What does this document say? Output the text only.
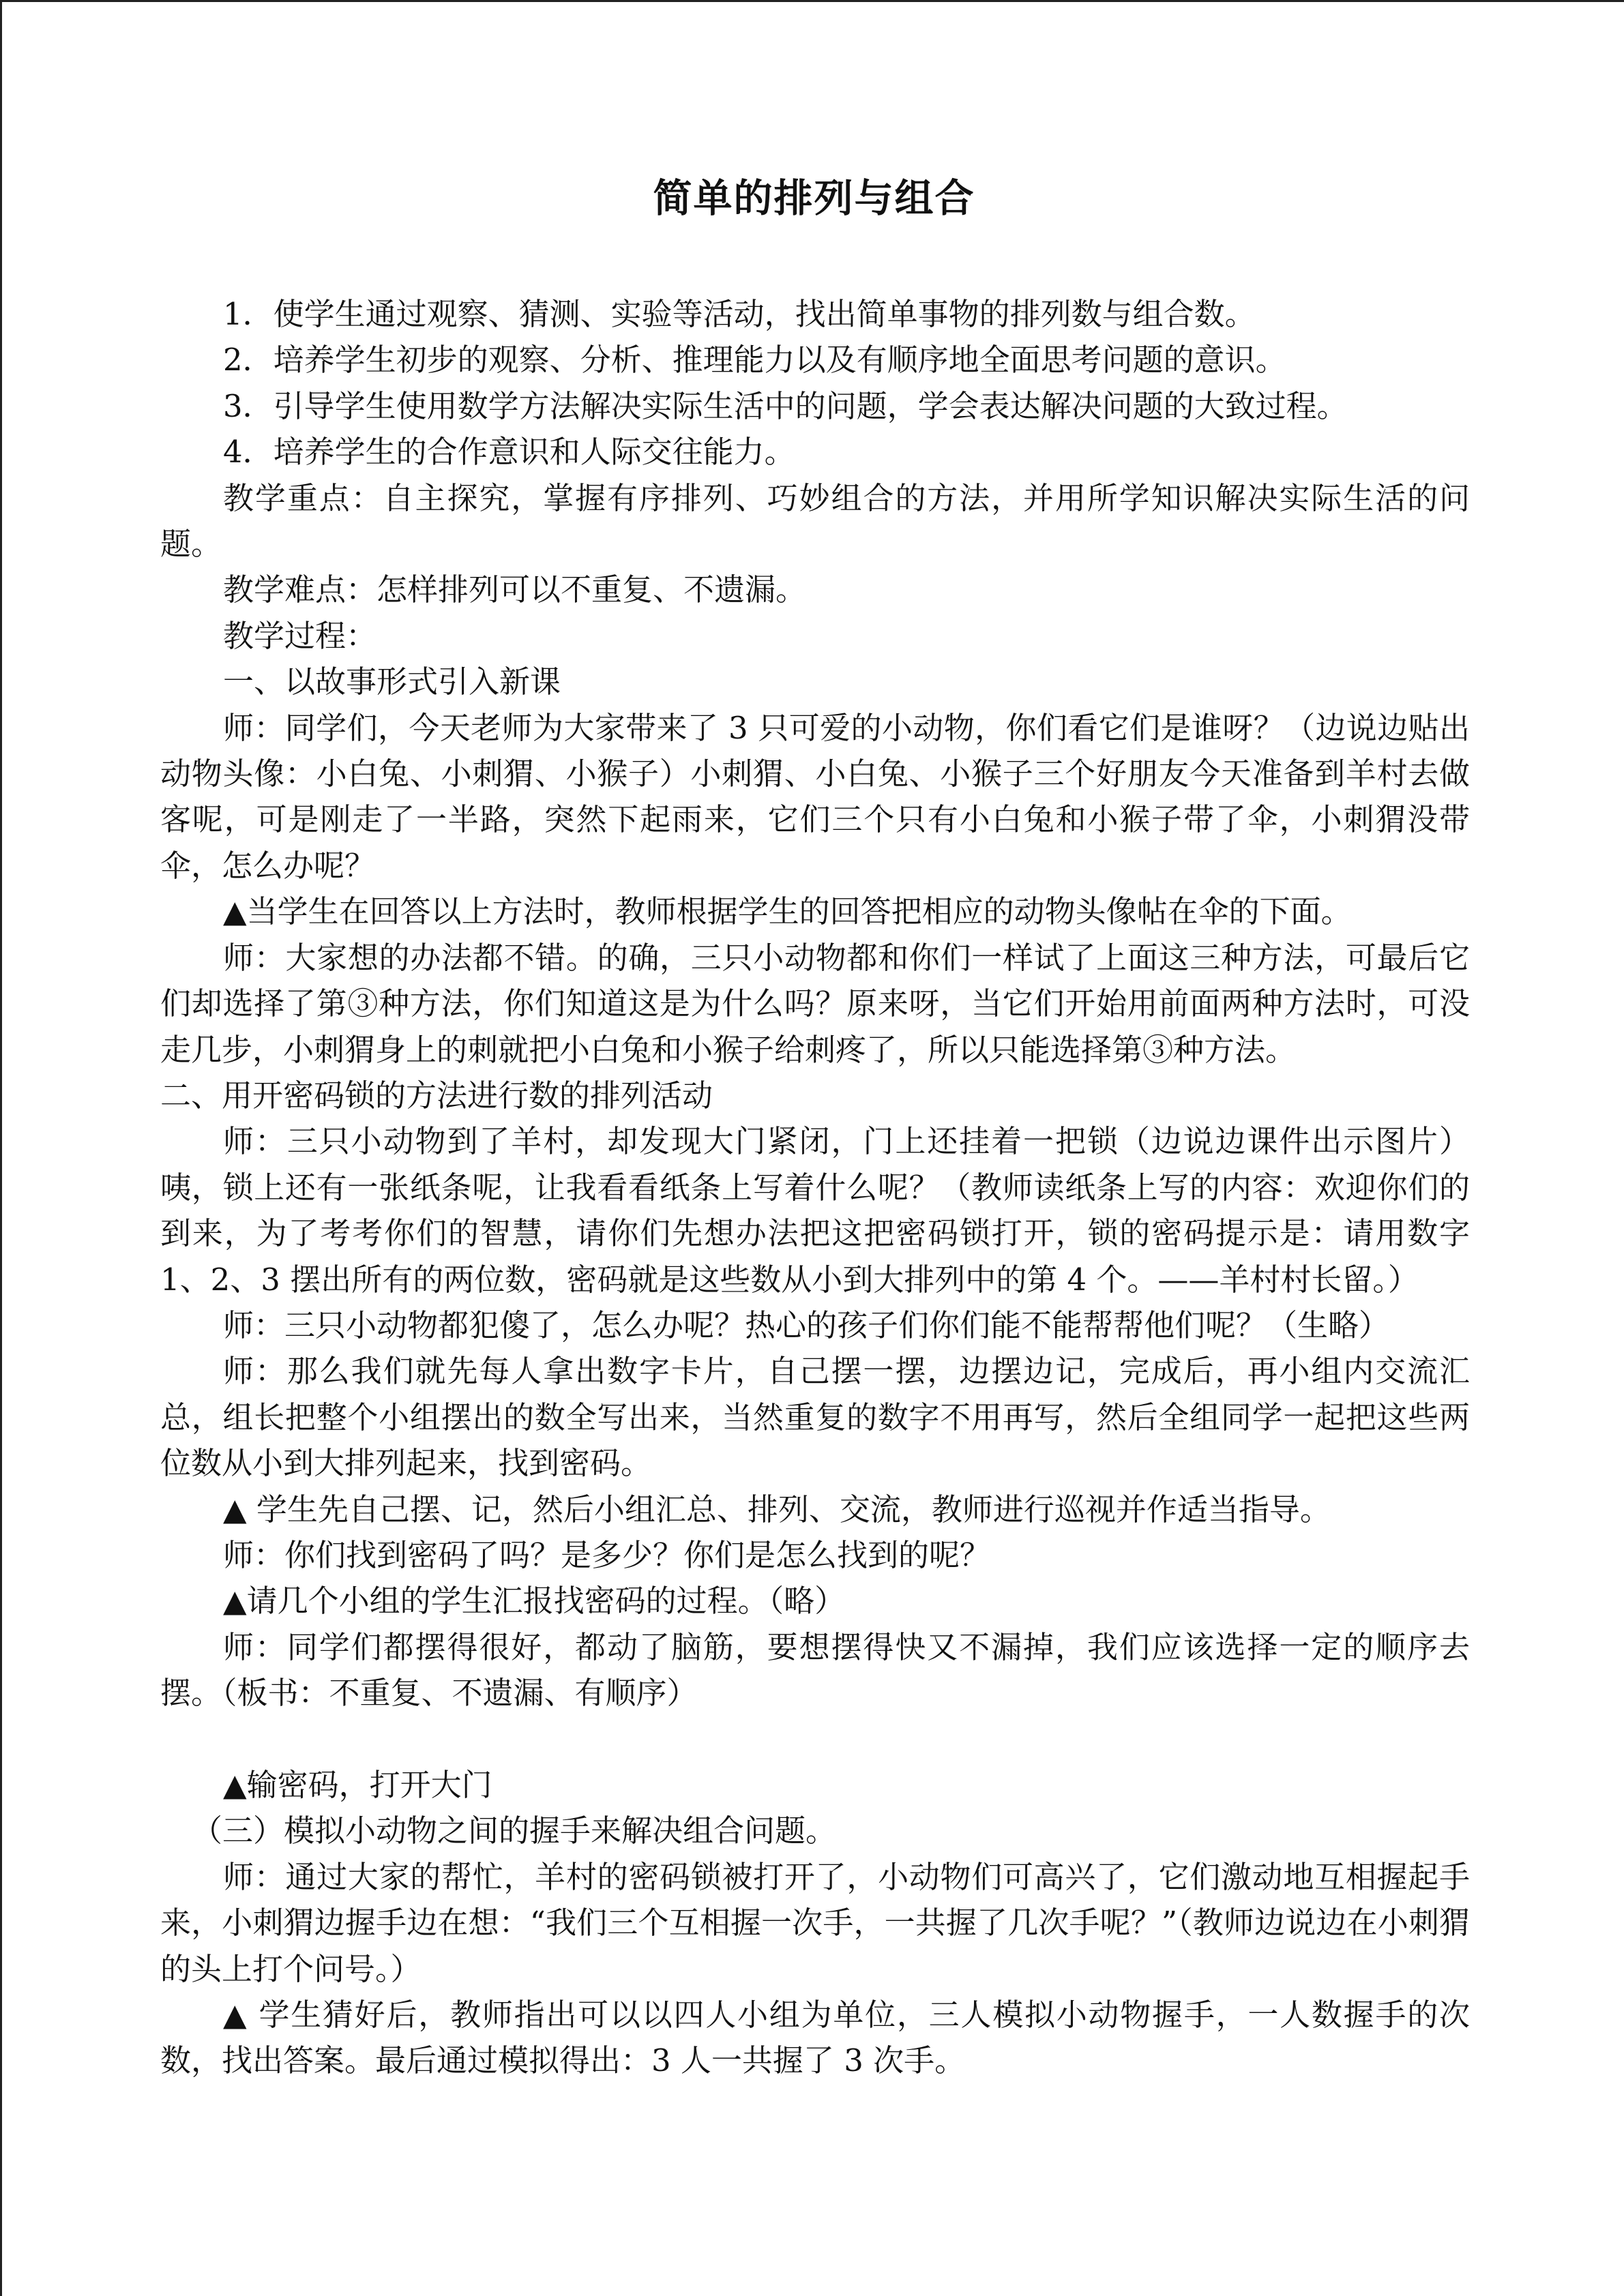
简单的排列与组合

1．使学生通过观察、猜测、实验等活动，找出简单事物的排列数与组合数。

2．培养学生初步的观察、分析、推理能力以及有顺序地全面思考问题的意识。

3．引导学生使用数学方法解决实际生活中的问题，学会表达解决问题的大致过程。

4．培养学生的合作意识和人际交往能力。

教学重点：自主探究，掌握有序排列、巧妙组合的方法，并用所学知识解决实际生活的问题。

教学难点：怎样排列可以不重复、不遗漏。

教学过程：

一、以故事形式引入新课

师：同学们，今天老师为大家带来了 3 只可爱的小动物，你们看它们是谁呀？（边说边贴出动物头像：小白兔、小刺猬、小猴子）小刺猬、小白兔、小猴子三个好朋友今天准备到羊村去做客呢，可是刚走了一半路，突然下起雨来，它们三个只有小白兔和小猴子带了伞，小刺猬没带伞，怎么办呢？

▲当学生在回答以上方法时，教师根据学生的回答把相应的动物头像帖在伞的下面。

师：大家想的办法都不错。的确，三只小动物都和你们一样试了上面这三种方法，可最后它们却选择了第③种方法，你们知道这是为什么吗？原来呀，当它们开始用前面两种方法时，可没走几步，小刺猬身上的刺就把小白兔和小猴子给刺疼了，所以只能选择第③种方法。

二、用开密码锁的方法进行数的排列活动

师：三只小动物到了羊村，却发现大门紧闭，门上还挂着一把锁（边说边课件出示图片）咦，锁上还有一张纸条呢，让我看看纸条上写着什么呢？（教师读纸条上写的内容：欢迎你们的到来，为了考考你们的智慧，请你们先想办法把这把密码锁打开，锁的密码提示是：请用数字 1、2、3 摆出所有的两位数，密码就是这些数从小到大排列中的第 4 个。——羊村村长留。）

师：三只小动物都犯傻了，怎么办呢？热心的孩子们你们能不能帮帮他们呢？（生略）

师：那么我们就先每人拿出数字卡片，自己摆一摆，边摆边记，完成后，再小组内交流汇总，组长把整个小组摆出的数全写出来，当然重复的数字不用再写，然后全组同学一起把这些两位数从小到大排列起来，找到密码。

▲ 学生先自己摆、记，然后小组汇总、排列、交流，教师进行巡视并作适当指导。

师：你们找到密码了吗？是多少？你们是怎么找到的呢？

▲请几个小组的学生汇报找密码的过程。（略）

师：同学们都摆得很好，都动了脑筋，要想摆得快又不漏掉，我们应该选择一定的顺序去摆。（板书：不重复、不遗漏、有顺序）

▲输密码，打开大门

（三）模拟小动物之间的握手来解决组合问题。

师：通过大家的帮忙，羊村的密码锁被打开了，小动物们可高兴了，它们激动地互相握起手来，小刺猬边握手边在想：“我们三个互相握一次手，一共握了几次手呢？”（教师边说边在小刺猬的头上打个问号。）

▲ 学生猜好后，教师指出可以以四人小组为单位，三人模拟小动物握手，一人数握手的次数，找出答案。最后通过模拟得出：3 人一共握了 3 次手。
